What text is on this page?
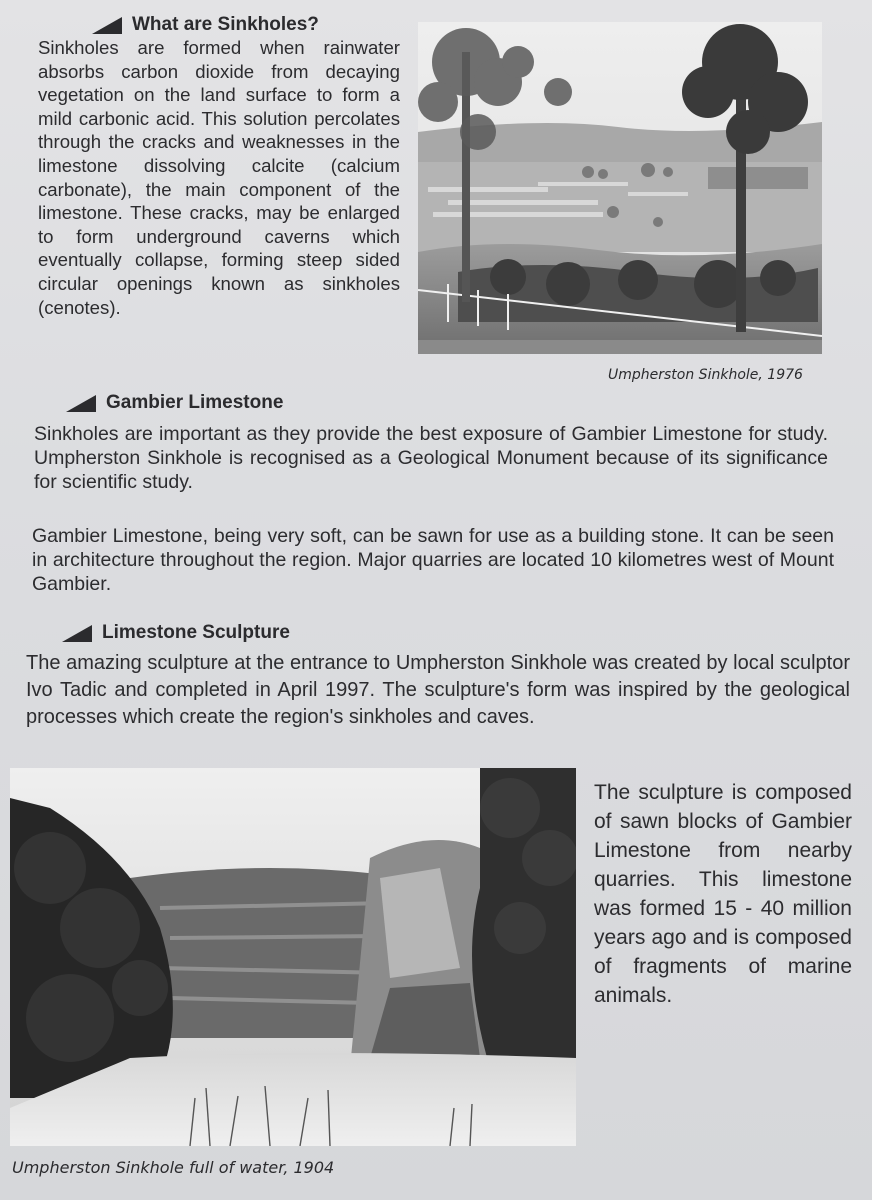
What are Sinkholes?
Sinkholes are formed when rainwater absorbs carbon dioxide from decaying vegetation on the land surface to form a mild carbonic acid. This solution percolates through the cracks and weaknesses in the limestone dissolving calcite (calcium carbonate), the main component of the limestone. These cracks, may be enlarged to form underground caverns which eventually collapse, forming steep sided circular openings known as sinkholes (cenotes).
Umpherston Sinkhole, 1976
Gambier Limestone
Sinkholes are important as they provide the best exposure of Gambier Limestone for study. Umpherston Sinkhole is recognised as a Geological Monument because of its significance for scientific study.
Gambier Limestone, being very soft, can be sawn for use as a building stone. It can be seen in architecture throughout the region. Major quarries are located 10 kilometres west of Mount Gambier.
Limestone Sculpture
The amazing sculpture at the entrance to Umpherston Sinkhole was created by local sculptor Ivo Tadic and completed in April 1997. The sculpture's form was inspired by the geological processes which create the region's sinkholes and caves.
Umpherston Sinkhole full of water, 1904
The sculpture is composed of sawn blocks of Gambier Limestone from nearby quarries. This limestone was formed 15 - 40 million years ago and is composed of fragments of marine animals.
